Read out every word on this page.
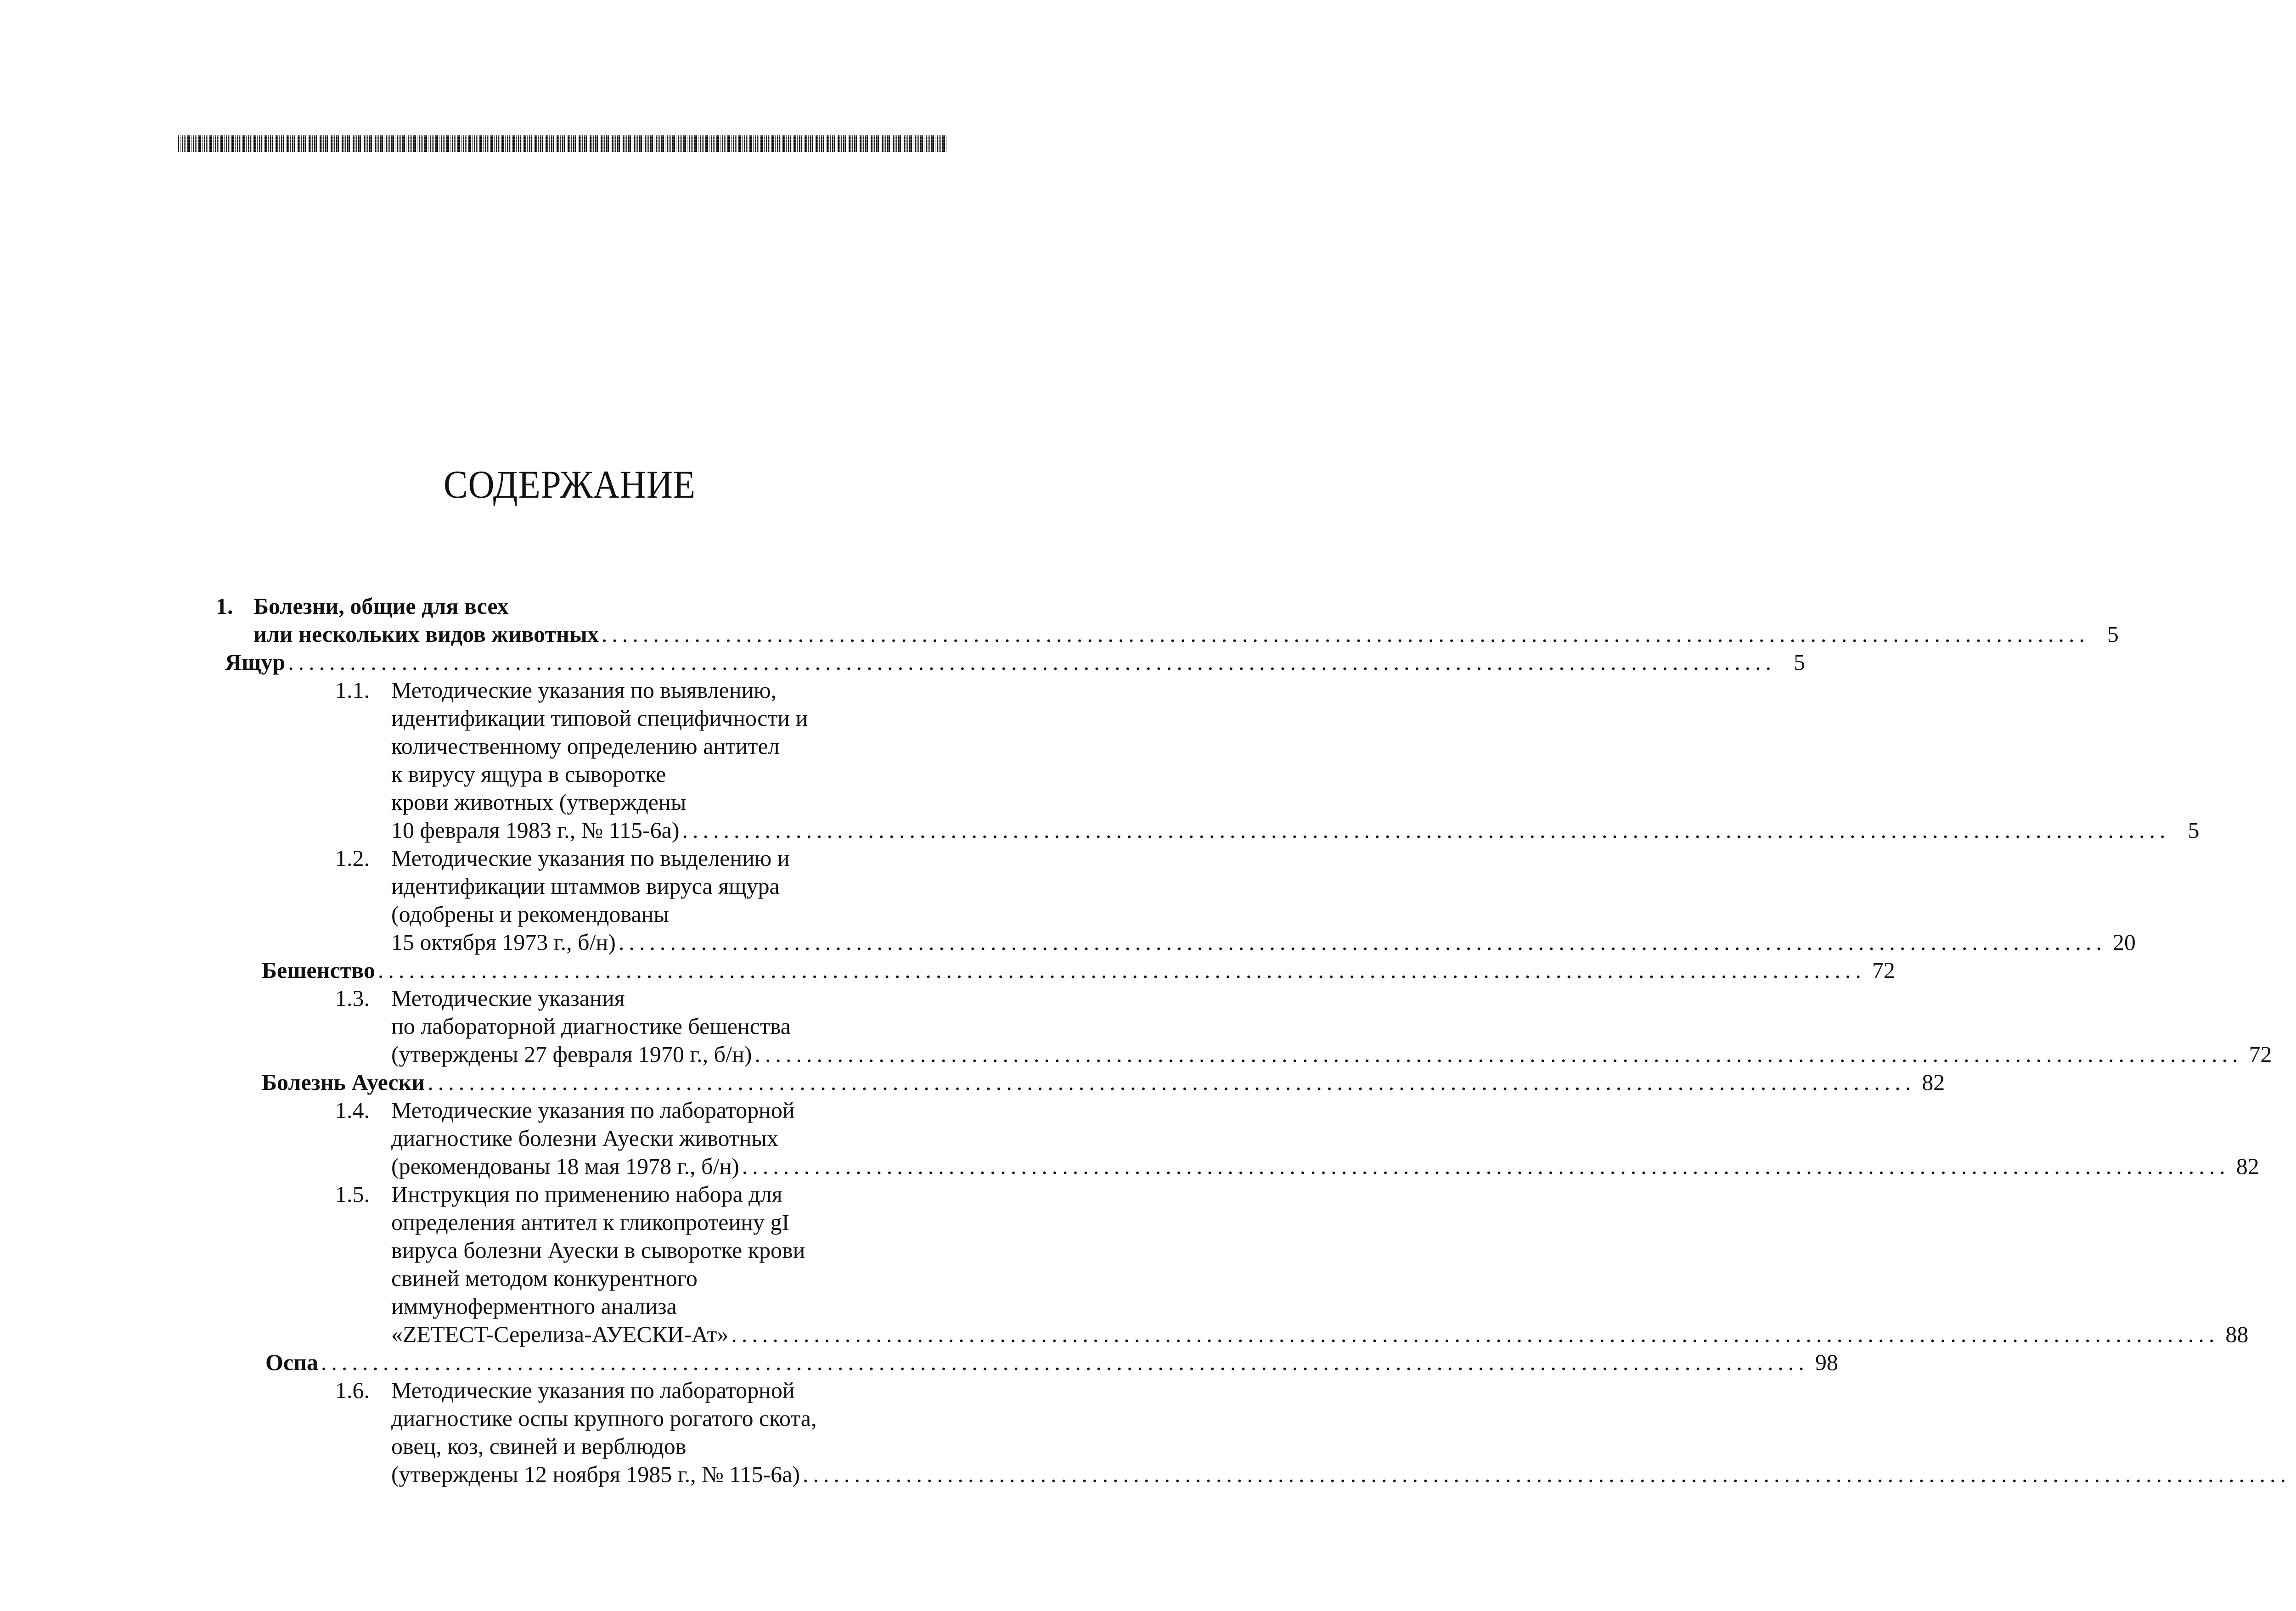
СОДЕРЖАНИЕ
1. Болезни, общие для всех
или нескольких видов животных ................................................................................................................................................ 5
Ящур ................................................................................................................................................ 5
1.1. Методические указания по выявлению,
идентификации типовой специфичности и
количественному определению антител
к вирусу ящура в сыворотке
крови животных (утверждены
10 февраля 1983 г., № 115-6а) ................................................................................................................................................ 5
1.2. Методические указания по выделению и
идентификации штаммов вируса ящура
(одобрены и рекомендованы
15 октября 1973 г., б/н) ................................................................................................................................................ 20
Бешенство ................................................................................................................................................ 72
1.3. Методические указания
по лабораторной диагностике бешенства
(утверждены 27 февраля 1970 г., б/н) ................................................................................................................................................ 72
Болезнь Ауески ................................................................................................................................................ 82
1.4. Методические указания по лабораторной
диагностике болезни Ауески животных
(рекомендованы 18 мая 1978 г., б/н) ................................................................................................................................................ 82
1.5. Инструкция по применению набора для
определения антител к гликопротеину gI
вируса болезни Ауески в сыворотке крови
свиней методом конкурентного
иммуноферментного анализа
«ZETECT-Серелиза-АУЕСКИ-Ат» ................................................................................................................................................ 88
Оспа ................................................................................................................................................ 98
1.6. Методические указания по лабораторной
диагностике оспы крупного рогатого скота,
овец, коз, свиней и верблюдов
(утверждены 12 ноября 1985 г., № 115-6а) ................................................................................................................................................
